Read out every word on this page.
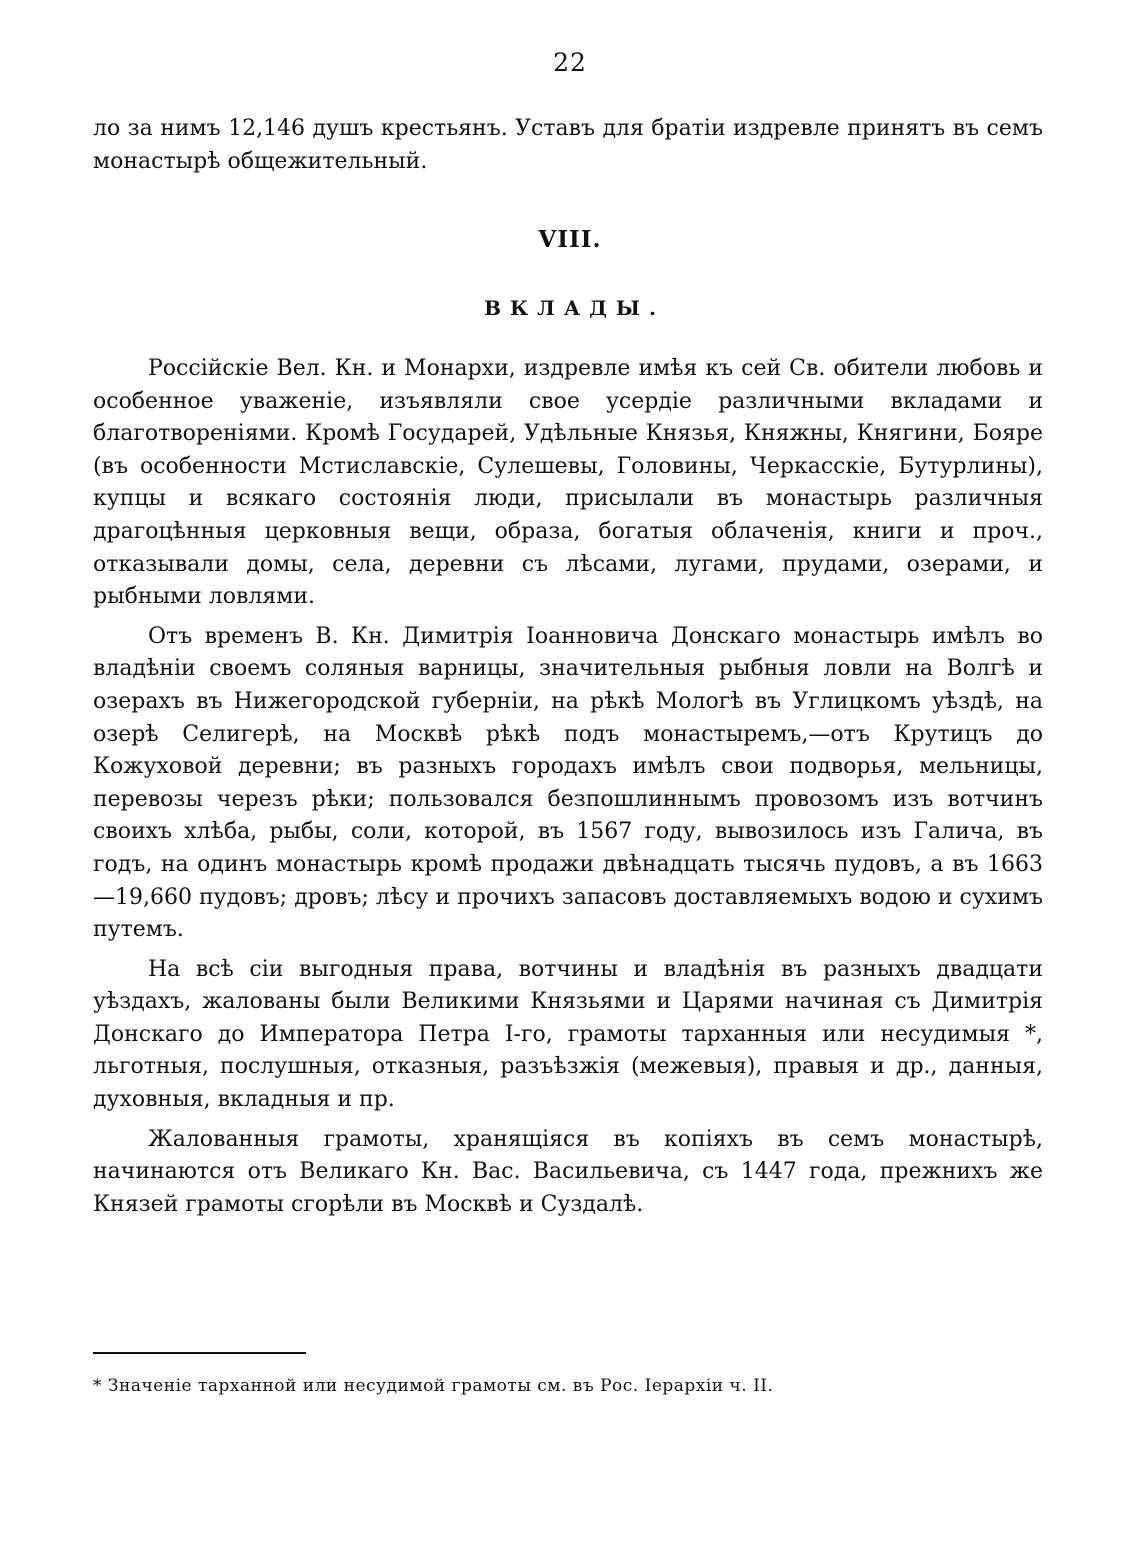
22
ло за нимъ 12,146 душъ крестьянъ. Уставъ для братiи издревле принятъ въ семъ монастырѣ общежительный.
VIII.
ВКЛАДЫ.

Россiйскiе Вел. Кн. и Монархи, издревле имѣя къ сей Св. обители любовь и особенное уваженiе, изъявляли свое усердiе различными вкладами и благотворенiями. Кромѣ Государей, Удѣльные Князья, Княжны, Княгини, Бояре (въ особенности Мстиславскiе, Сулешевы, Головины, Черкасскiе, Бутурлины), купцы и всякаго состоянiя люди, присылали въ монастырь различныя драгоцѣнныя церковныя вещи, образа, богатыя облаченiя, книги и проч., отказывали домы, села, деревни съ лѣсами, лугами, прудами, озерами, и рыбными ловлями.

Отъ временъ В. Кн. Димитрiя Iоанновича Донскаго монастырь имѣлъ во владѣнiи своемъ соляныя варницы, значительныя рыбныя ловли на Волгѣ и озерахъ въ Нижегородской губернiи, на рѣкѣ Мологѣ въ Углицкомъ уѣздѣ, на озерѣ Селигерѣ, на Москвѣ рѣкѣ подъ монастыремъ,—отъ Крутицъ до Кожуховой деревни; въ разныхъ городахъ имѣлъ свои подворья, мельницы, перевозы черезъ рѣки; пользовался безпошлиннымъ провозомъ изъ вотчинъ своихъ хлѣба, рыбы, соли, которой, въ 1567 году, вывозилось изъ Галича, въ годъ, на одинъ монастырь кромѣ продажи двѣнадцать тысячь пудовъ, а въ 1663—19,660 пудовъ; дровъ; лѣсу и прочихъ запасовъ доставляемыхъ водою и сухимъ путемъ.

На всѣ сiи выгодныя права, вотчины и владѣнiя въ разныхъ двадцати уѣздахъ, жалованы были Великими Князьями и Царями начиная съ Димитрiя Донскаго до Императора Петра I-го, грамоты тарханныя или несудимыя *, льготныя, послушныя, отказныя, разъѣзжiя (межевыя), правыя и др., данныя, духовныя, вкладныя и пр.

Жалованныя грамоты, хранящiяся въ копiяхъ въ семъ монастырѣ, начинаются отъ Великаго Кн. Вас. Васильевича, съ 1447 года, прежнихъ же Князей грамоты сгорѣли въ Москвѣ и Суздалѣ.

* Значенiе тарханной или несудимой грамоты см. въ Рос. Iерархiи ч. II.
